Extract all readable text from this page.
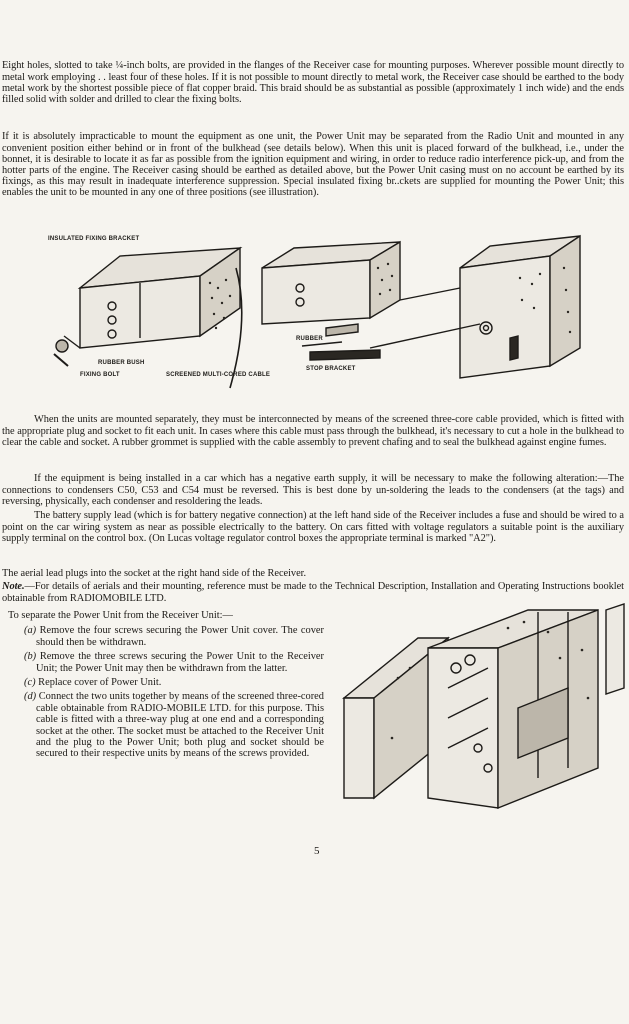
Eight holes, slotted to take ¼-inch bolts, are provided in the flanges of the Receiver case for mounting purposes. Wherever possible mount directly to metal work employing . . least four of these holes. If it is not possible to mount directly to metal work, the Receiver case should be earthed to the body metal work by the shortest possible piece of flat copper braid. This braid should be as substantial as possible (approximately 1 inch wide) and the ends filled solid with solder and drilled to clear the fixing bolts.

If it is absolutely impracticable to mount the equipment as one unit, the Power Unit may be separated from the Radio Unit and mounted in any convenient position either behind or in front of the bulkhead (see details below). When this unit is placed forward of the bulkhead, i.e., under the bonnet, it is desirable to locate it as far as possible from the ignition equipment and wiring, in order to reduce radio interference pick-up, and from the hotter parts of the engine. The Receiver casing should be earthed as detailed above, but the Power Unit casing must on no account be earthed by its fixings, as this may result in inadequate interference suppression. Special insulated fixing br..ckets are supplied for mounting the Power Unit; this enables the unit to be mounted in any one of three positions (see illustration).

INSULATED FIXING BRACKET
RUBBER BUSH
FIXING BOLT	SCREENED MULTI-CORED CABLE
RUBBER
STOP BRACKET

When the units are mounted separately, they must be interconnected by means of the screened three-core cable provided, which is fitted with the appropriate plug and socket to fit each unit. In cases where this cable must pass through the bulkhead, it's necessary to cut a hole in the bulkhead to clear the cable and socket. A rubber grommet is supplied with the cable assembly to prevent chafing and to seal the bulkhead against engine fumes.

If the equipment is being installed in a car which has a negative earth supply, it will be necessary to make the following alteration:—The connections to condensers C50, C53 and C54 must be reversed. This is best done by un-soldering the leads to the condensers (at the tags) and reversing, physically, each condenser and resoldering the leads.

The battery supply lead (which is for battery negative connection) at the left hand side of the Receiver includes a fuse and should be wired to a point on the car wiring system as near as possible electrically to the battery. On cars fitted with voltage regulators a suitable point is the auxiliary supply terminal on the control box. (On Lucas voltage regulator control boxes the appropriate terminal is marked "A2").

The aerial lead plugs into the socket at the right hand side of the Receiver.

Note.—For details of aerials and their mounting, reference must be made to the Technical Description, Installation and Operating Instructions booklet obtainable from RADIOMOBILE LTD.

To separate the Power Unit from the Receiver Unit:—

(a) Remove the four screws securing the Power Unit cover. The cover should then be withdrawn.

(b) Remove the three screws securing the Power Unit to the Receiver Unit; the Power Unit may then be withdrawn from the latter.

(c) Replace cover of Power Unit.

(d) Connect the two units together by means of the screened three-cored cable obtainable from RADIO-MOBILE LTD. for this purpose. This cable is fitted with a three-way plug at one end and a corresponding socket at the other. The socket must be attached to the Receiver Unit and the plug to the Power Unit; both plug and socket should be secured to their respective units by means of the screws provided.

5
